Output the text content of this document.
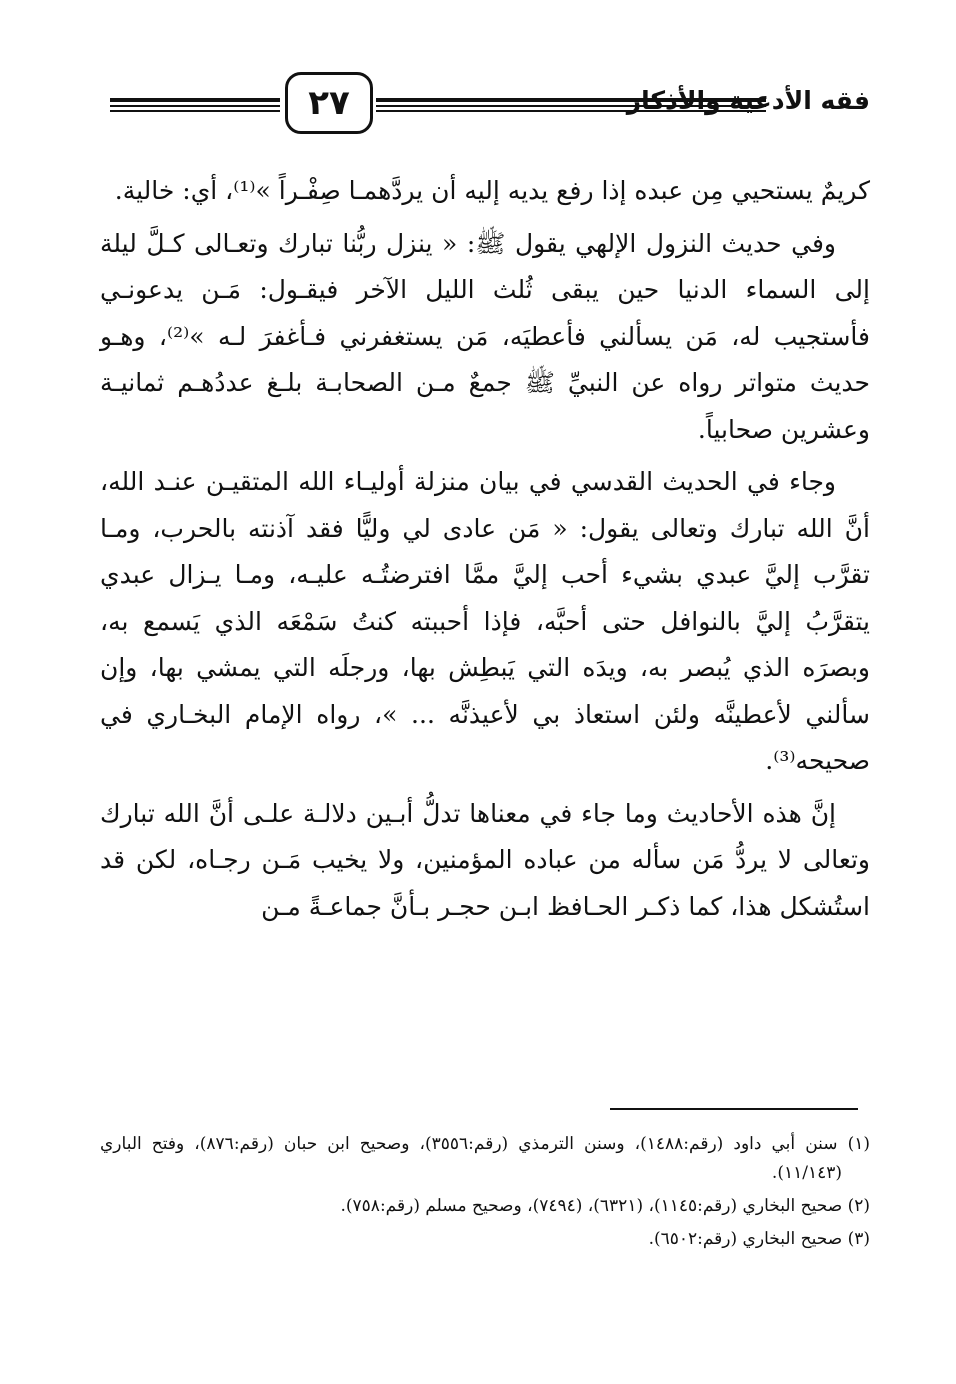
٢٧	فقه الأدعية والأذكار

كريمٌ يستحيي مِن عبده إذا رفع يديه إليه أن يردَّهمـا صِفْـراً »⁽¹⁾، أي: خالية.

وفي حديث النزول الإلهي يقول ﷺ: « ينزل ربُّنا تبارك وتعـالى كـلَّ ليلة إلى السماء الدنيا حين يبقى ثُلث الليل الآخر فيقـول: مَـن يدعونـي فأستجيب له، مَن يسألني فأعطيَه، مَن يستغفرني فـأغفرَ لـه »⁽²⁾، وهـو حديث متواتر رواه عن النبيِّ ﷺ جمعٌ مـن الصحابـة بلـغ عددُهـم ثمانيـة وعشرين صحابياً.

وجاء في الحديث القدسي في بيان منزلة أوليـاء الله المتقيـن عنـد الله، أنَّ الله تبارك وتعالى يقول: « مَن عادى لي وليًّا فقد آذنته بالحرب، ومـا تقرَّب إليَّ عبدي بشيء أحب إليَّ ممَّا افترضتُـه عليـه، ومـا يـزال عبدي يتقرَّبُ إليَّ بالنوافل حتى أحبَّه، فإذا أحببته كنتُ سَمْعَه الذي يَسمع به، وبصرَه الذي يُبصر به، ويدَه التي يَبطِش بها، ورجلَه التي يمشي بها، وإن سألني لأعطينَّه ولئن استعاذ بي لأعيذنَّه ... »، رواه الإمام البخـاري في صحيحه⁽³⁾.

إنَّ هذه الأحاديث وما جاء في معناها تدلُّ أبـين دلالـة علـى أنَّ الله تبارك وتعالى لا يردُّ مَن سأله من عباده المؤمنين، ولا يخيب مَـن رجـاه، لكن قد استُشكل هذا، كما ذكـر الحـافظ ابـن حجـر بـأنَّ جماعـةً مـن

(١) سنن أبي داود (رقم:١٤٨٨)، وسنن الترمذي (رقم:٣٥٥٦)، وصحيح ابن حبان (رقم:٨٧٦)، وفتح الباري (١١/١٤٣).

(٢) صحيح البخاري (رقم:١١٤٥)، (٦٣٢١)، (٧٤٩٤)، وصحيح مسلم (رقم:٧٥٨).

(٣) صحيح البخاري (رقم:٦٥٠٢).
